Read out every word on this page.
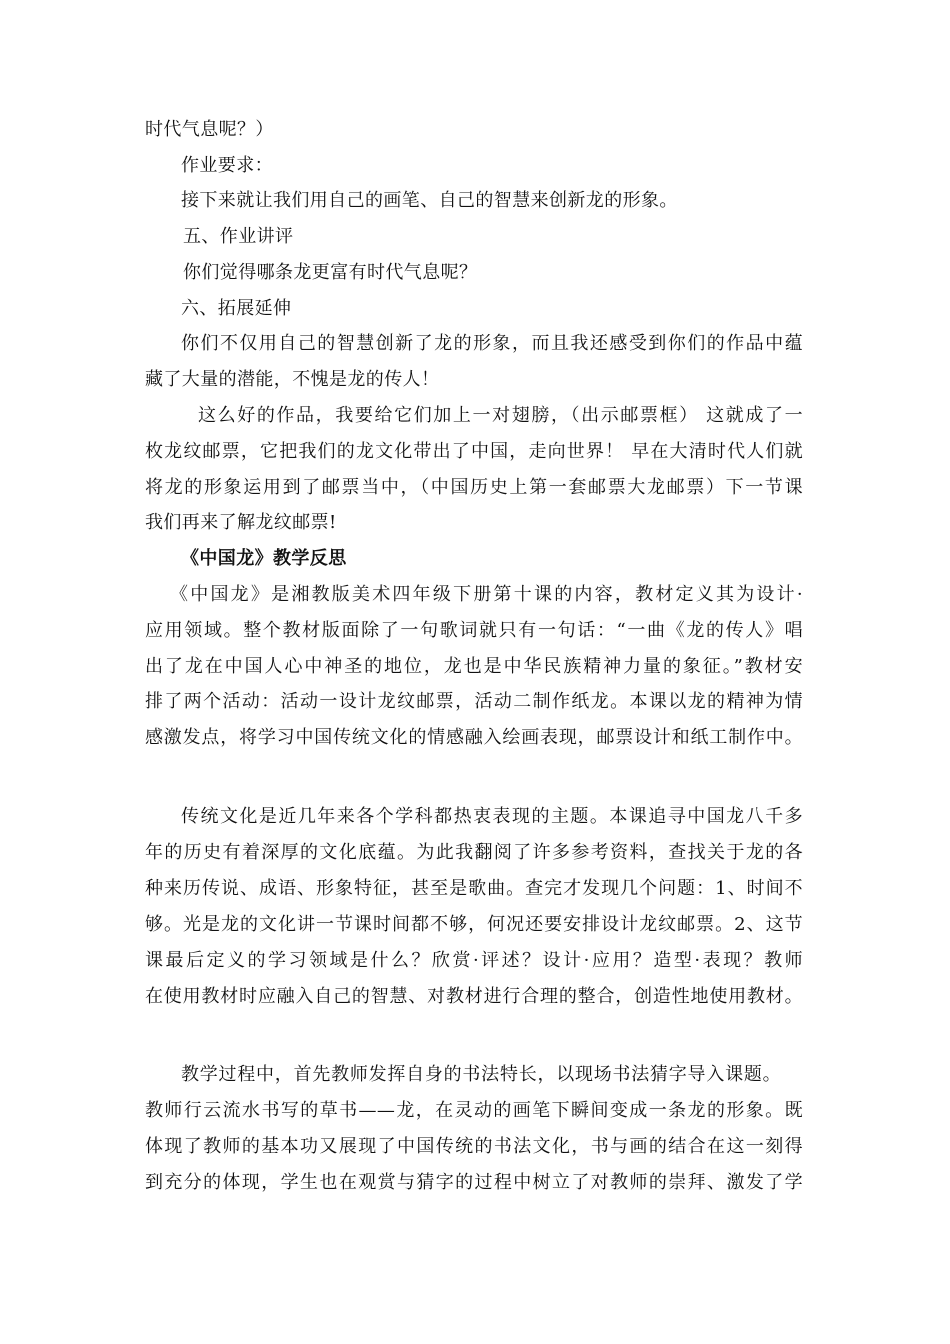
时代气息呢？）
作业要求：
接下来就让我们用自己的画笔、自己的智慧来创新龙的形象。
五、作业讲评
你们觉得哪条龙更富有时代气息呢？
六、拓展延伸
你们不仅用自己的智慧创新了龙的形象，而且我还感受到你们的作品中蕴
藏了大量的潜能，不愧是龙的传人！
这么好的作品，我要给它们加上一对翅膀，（出示邮票框） 这就成了一
枚龙纹邮票，它把我们的龙文化带出了中国，走向世界！ 早在大清时代人们就
将龙的形象运用到了邮票当中，（中国历史上第一套邮票大龙邮票）下一节课
我们再来了解龙纹邮票!
《中国龙》教学反思
《中国龙》是湘教版美术四年级下册第十课的内容，教材定义其为设计·
应用领域。整个教材版面除了一句歌词就只有一句话：“一曲《龙的传人》唱
出了龙在中国人心中神圣的地位，龙也是中华民族精神力量的象征。”教材安
排了两个活动：活动一设计龙纹邮票，活动二制作纸龙。本课以龙的精神为情
感激发点，将学习中国传统文化的情感融入绘画表现，邮票设计和纸工制作中。
传统文化是近几年来各个学科都热衷表现的主题。本课追寻中国龙八千多
年的历史有着深厚的文化底蕴。为此我翻阅了许多参考资料，查找关于龙的各
种来历传说、成语、形象特征，甚至是歌曲。查完才发现几个问题：1、时间不
够。光是龙的文化讲一节课时间都不够，何况还要安排设计龙纹邮票。2、这节
课最后定义的学习领域是什么？欣赏·评述？设计·应用？造型·表现？教师
在使用教材时应融入自己的智慧、对教材进行合理的整合，创造性地使用教材。
教学过程中，首先教师发挥自身的书法特长，以现场书法猜字导入课题。
教师行云流水书写的草书——龙，在灵动的画笔下瞬间变成一条龙的形象。既
体现了教师的基本功又展现了中国传统的书法文化，书与画的结合在这一刻得
到充分的体现，学生也在观赏与猜字的过程中树立了对教师的崇拜、激发了学
